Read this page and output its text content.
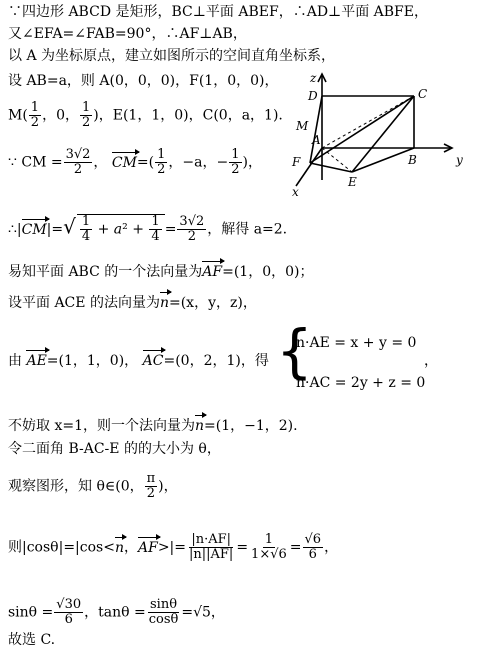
∵四边形 ABCD 是矩形，BC⊥平面 ABEF，∴AD⊥平面 ABFE，
又∠EFA=∠FAB=90°，∴AF⊥AB，
以 A 为坐标原点，建立如图所示的空间直角坐标系，
设 AB=a，则 A(0，0，0)，F(1，0，0)，
$M( \frac{1}{2}$ ，0， $\frac{1}{2}$ )，E(1，1，0)，C(0，a，1).
∵ CM = $\frac{3√2}{2}$ ， $CM=( \frac{1}{2}$ ，−a，− $\frac{1}{2}$ )，
∴|CM|=√ $\frac{1}{4} + a^2 + \frac{1}{4} = \frac{3√2}{2}$ ，解得 a=2.
易知平面 ABC 的一个法向量为AF=(1，0，0)；
设平面 ACE 的法向量为n=(x，y，z)，
由 AE=(1，1，0)， AC=(0，2，1)，得 {
n·AE = x + y = 0
n·AC = 2y + z = 0
，
不妨取 x=1，则一个法向量为n=(1，−1，2).
令二面角 B-AC-E 的的大小为 θ，
观察图形，知 θ∈(0， $\frac{\pi}{2}$ )，
则|cosθ|=|cos<n，$AF>|= \frac{|n\cdot AF|}{|n||AF|} = \frac{1}{1\times√6} = \frac{√6}{6}$ ，
$\sin\theta = \frac{√30}{6}$ ，$\tan\theta = \frac{\sin\theta}{\cos\theta} =√5$，
故选 C.
z
D	C
M
A
F
E
B	y
x
